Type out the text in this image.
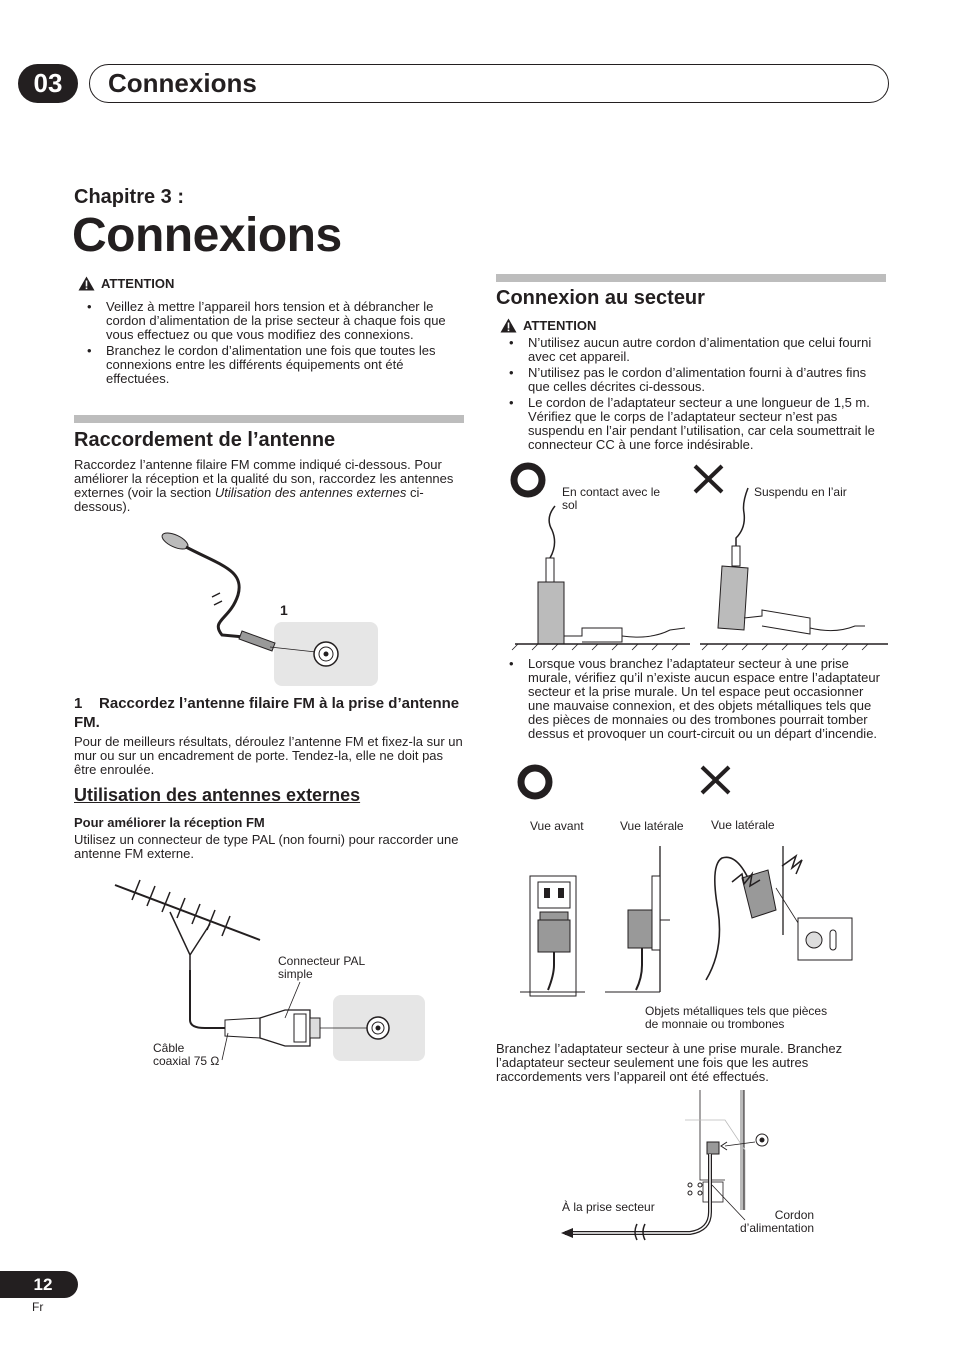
03	Connexions
Chapitre 3 :
Connexions
ATTENTION
• Veillez à mettre l’appareil hors tension et à débrancher le cordon d’alimentation de la prise secteur à chaque fois que vous effectuez ou que vous modifiez des connexions.
• Branchez le cordon d’alimentation une fois que toutes les connexions entre les différents équipements ont été effectuées.
Raccordement de l’antenne
Raccordez l’antenne filaire FM comme indiqué ci-dessous. Pour améliorer la réception et la qualité du son, raccordez les antennes externes (voir la section Utilisation des antennes externes ci-dessous).
1
1 Raccordez l’antenne filaire FM à la prise d’antenne FM.
Pour de meilleurs résultats, déroulez l’antenne FM et fixez-la sur un mur ou sur un encadrement de porte. Tendez-la, elle ne doit pas être enroulée.
Utilisation des antennes externes
Pour améliorer la réception FM
Utilisez un connecteur de type PAL (non fourni) pour raccorder une antenne FM externe.
Connecteur PAL
simple
Câble
coaxial 75 Ω
Connexion au secteur
ATTENTION
• N’utilisez aucun autre cordon d’alimentation que celui fourni avec cet appareil.
• N’utilisez pas le cordon d’alimentation fourni à d’autres fins que celles décrites ci-dessous.
• Le cordon de l’adaptateur secteur a une longueur de 1,5 m. Vérifiez que le corps de l’adaptateur secteur n’est pas suspendu en l’air pendant l’utilisation, car cela soumettrait le connecteur CC à une force indésirable.
En contact avec le
sol
Suspendu en l’air
• Lorsque vous branchez l’adaptateur secteur à une prise murale, vérifiez qu’il n’existe aucun espace entre l’adaptateur secteur et la prise murale. Un tel espace peut occasionner une mauvaise connexion, et des objets métalliques tels que des pièces de monnaies ou des trombones pourrait tomber dessus et provoquer un court-circuit ou un départ d’incendie.
Vue avant	Vue latérale Vue latérale
Objets métalliques tels que pièces
de monnaie ou trombones
Branchez l’adaptateur secteur à une prise murale. Branchez l’adaptateur secteur seulement une fois que les autres raccordements vers l’appareil ont été effectués.
À la prise secteur
Cordon
d’alimentation
12
Fr
